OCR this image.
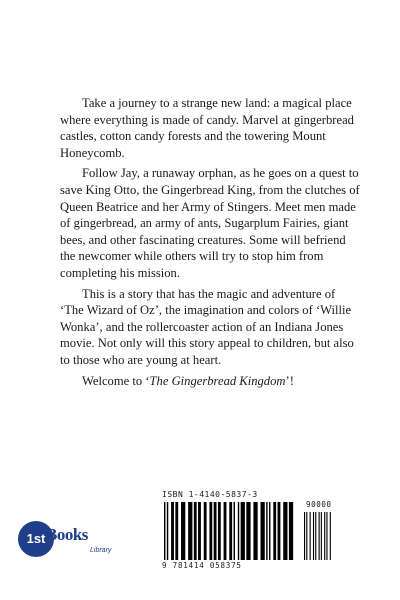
Take a journey to a strange new land: a magical place where everything is made of candy. Marvel at gingerbread castles, cotton candy forests and the towering Mount Honeycomb.

Follow Jay, a runaway orphan, as he goes on a quest to save King Otto, the Gingerbread King, from the clutches of Queen Beatrice and her Army of Stingers. Meet men made of gingerbread, an army of ants, Sugarplum Fairies, giant bees, and other fascinating creatures. Some will befriend the newcomer while others will try to stop him from completing his mission.

This is a story that has the magic and adventure of ‘The Wizard of Oz’, the imagination and colors of ‘Willie Wonka’, and the rollercoaster action of an Indiana Jones movie. Not only will this story appeal to children, but also to those who are young at heart.

Welcome to ‘The Gingerbread Kingdom’!

1st Books
Library
ISBN 1-4140-5837-3
90000
9 781414 058375
